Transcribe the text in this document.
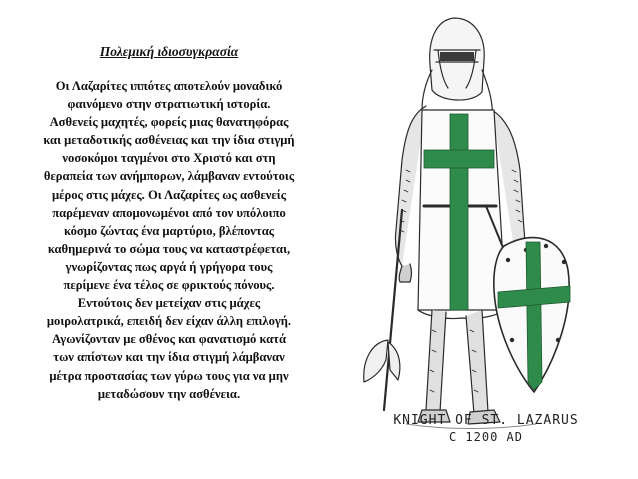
Πολεμική ιδιοσυγκρασία
Οι Λαζαρίτες ιππότες αποτελούν μοναδικό
φαινόμενο στην στρατιωτική ιστορία.
Ασθενείς μαχητές, φορείς μιας θανατηφόρας
και μεταδοτικής ασθένειας και την ίδια στιγμή
νοσοκόμοι ταγμένοι στο Χριστό και στη
θεραπεία των ανήμπορων, λάμβαναν εντούτοις
μέρος στις μάχες. Οι Λαζαρίτες ως ασθενείς
παρέμεναν απομονωμένοι από τον υπόλοιπο
κόσμο ζώντας ένα μαρτύριο, βλέποντας
καθημερινά το σώμα τους να καταστρέφεται,
γνωρίζοντας πως αργά ή γρήγορα τους
περίμενε ένα τέλος σε φρικτούς πόνους.
Εντούτοις δεν μετείχαν στις μάχες
μοιρολατρικά, επειδή δεν είχαν άλλη επιλογή.
Αγωνίζονταν με σθένος και φανατισμό κατά
των απίστων και την ίδια στιγμή λάμβαναν
μέτρα προστασίας των γύρω τους για να μην
μεταδώσουν την ασθένεια.
KNIGHT OF ST. LAZARUS
C 1200 AD
